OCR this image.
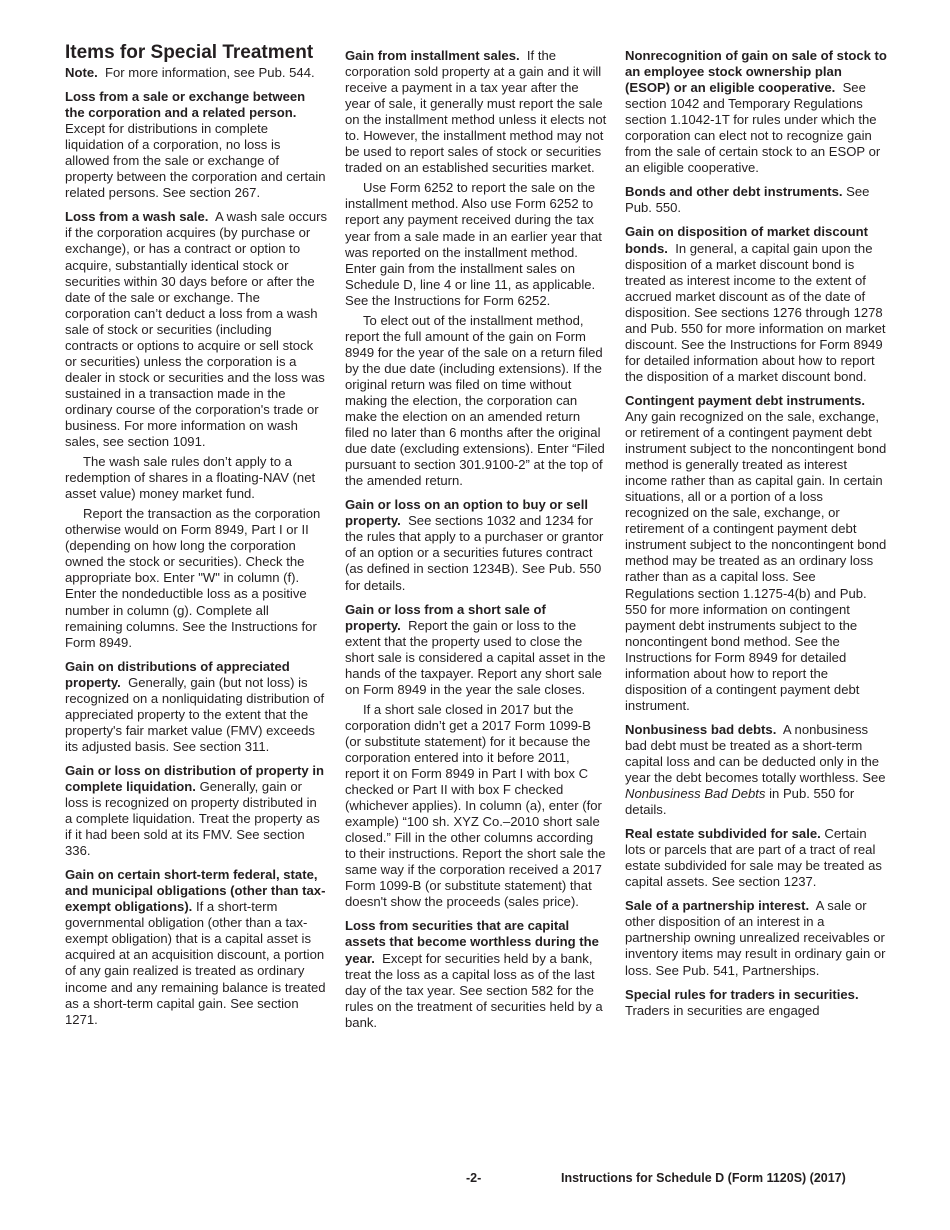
Items for Special Treatment

Note. For more information, see Pub. 544.

Loss from a sale or exchange between the corporation and a related person.  Except for distributions in complete liquidation of a corporation, no loss is allowed from the sale or exchange of property between the corporation and certain related persons. See section 267.

Loss from a wash sale. A wash sale occurs if the corporation acquires (by purchase or exchange), or has a contract or option to acquire, substantially identical stock or securities within 30 days before or after the date of the sale or exchange. The corporation can’t deduct a loss from a wash sale of stock or securities (including contracts or options to acquire or sell stock or securities) unless the corporation is a dealer in stock or securities and the loss was sustained in a transaction made in the ordinary course of the corporation's trade or business. For more information on wash sales, see section 1091.

The wash sale rules don’t apply to a redemption of shares in a floating-NAV (net asset value) money market fund.

Report the transaction as the corporation otherwise would on Form 8949, Part I or II (depending on how long the corporation owned the stock or securities). Check the appropriate box. Enter "W" in column (f). Enter the nondeductible loss as a positive number in column (g). Complete all remaining columns. See the Instructions for Form 8949.

Gain on distributions of appreciated property. Generally, gain (but not loss) is recognized on a nonliquidating distribution of appreciated property to the extent that the property's fair market value (FMV) exceeds its adjusted basis. See section 311.

Gain or loss on distribution of property in complete liquidation. Generally, gain or loss is recognized on property distributed in a complete liquidation. Treat the property as if it had been sold at its FMV. See section 336.

Gain on certain short-term federal, state, and municipal obligations (other than tax-exempt obligations). If a short-term governmental obligation (other than a tax-exempt obligation) that is a capital asset is acquired at an acquisition discount, a portion of any gain realized is treated as ordinary income and any remaining balance is treated as a short-term capital gain. See section 1271.

Gain from installment sales. If the corporation sold property at a gain and it will receive a payment in a tax year after the year of sale, it generally must report the sale on the installment method unless it elects not to. However, the installment method may not be used to report sales of stock or securities traded on an established securities market.

Use Form 6252 to report the sale on the installment method. Also use Form 6252 to report any payment received during the tax year from a sale made in an earlier year that was reported on the installment method. Enter gain from the installment sales on Schedule D, line 4 or line 11, as applicable. See the Instructions for Form 6252.

To elect out of the installment method, report the full amount of the gain on Form 8949 for the year of the sale on a return filed by the due date (including extensions). If the original return was filed on time without making the election, the corporation can make the election on an amended return filed no later than 6 months after the original due date (excluding extensions). Enter “Filed pursuant to section 301.9100-2” at the top of the amended return.

Gain or loss on an option to buy or sell property. See sections 1032 and 1234 for the rules that apply to a purchaser or grantor of an option or a securities futures contract (as defined in section 1234B). See Pub. 550 for details.

Gain or loss from a short sale of property. Report the gain or loss to the extent that the property used to close the short sale is considered a capital asset in the hands of the taxpayer. Report any short sale on Form 8949 in the year the sale closes.

If a short sale closed in 2017 but the corporation didn’t get a 2017 Form 1099-B (or substitute statement) for it because the corporation entered into it before 2011, report it on Form 8949 in Part I with box C checked or Part II with box F checked (whichever applies). In column (a), enter (for example) “100 sh. XYZ Co.–2010 short sale closed.” Fill in the other columns according to their instructions. Report the short sale the same way if the corporation received a 2017 Form 1099-B (or substitute statement) that doesn't show the proceeds (sales price).

Loss from securities that are capital assets that become worthless during the year. Except for securities held by a bank, treat the loss as a capital loss as of the last day of the tax year. See section 582 for the rules on the treatment of securities held by a bank.

Nonrecognition of gain on sale of stock to an employee stock ownership plan (ESOP) or an eligible cooperative. See section 1042 and Temporary Regulations section 1.1042-1T for rules under which the corporation can elect not to recognize gain from the sale of certain stock to an ESOP or an eligible cooperative.

Bonds and other debt instruments. See Pub. 550.

Gain on disposition of market discount bonds. In general, a capital gain upon the disposition of a market discount bond is treated as interest income to the extent of accrued market discount as of the date of disposition. See sections 1276 through 1278 and Pub. 550 for more information on market discount. See the Instructions for Form 8949 for detailed information about how to report the disposition of a market discount bond.

Contingent payment debt instruments.  Any gain recognized on the sale, exchange, or retirement of a contingent payment debt instrument subject to the noncontingent bond method is generally treated as interest income rather than as capital gain. In certain situations, all or a portion of a loss recognized on the sale, exchange, or retirement of a contingent payment debt instrument subject to the noncontingent bond method may be treated as an ordinary loss rather than as a capital loss. See Regulations section 1.1275-4(b) and Pub. 550 for more information on contingent payment debt instruments subject to the noncontingent bond method. See the Instructions for Form 8949 for detailed information about how to report the disposition of a contingent payment debt instrument.

Nonbusiness bad debts. A nonbusiness bad debt must be treated as a short-term capital loss and can be deducted only in the year the debt becomes totally worthless. See Nonbusiness Bad Debts in Pub. 550 for details.

Real estate subdivided for sale. Certain lots or parcels that are part of a tract of real estate subdivided for sale may be treated as capital assets. See section 1237.

Sale of a partnership interest. A sale or other disposition of an interest in a partnership owning unrealized receivables or inventory items may result in ordinary gain or loss. See Pub. 541, Partnerships.

Special rules for traders in securities.  Traders in securities are engaged

-2-	Instructions for Schedule D (Form 1120S) (2017)
